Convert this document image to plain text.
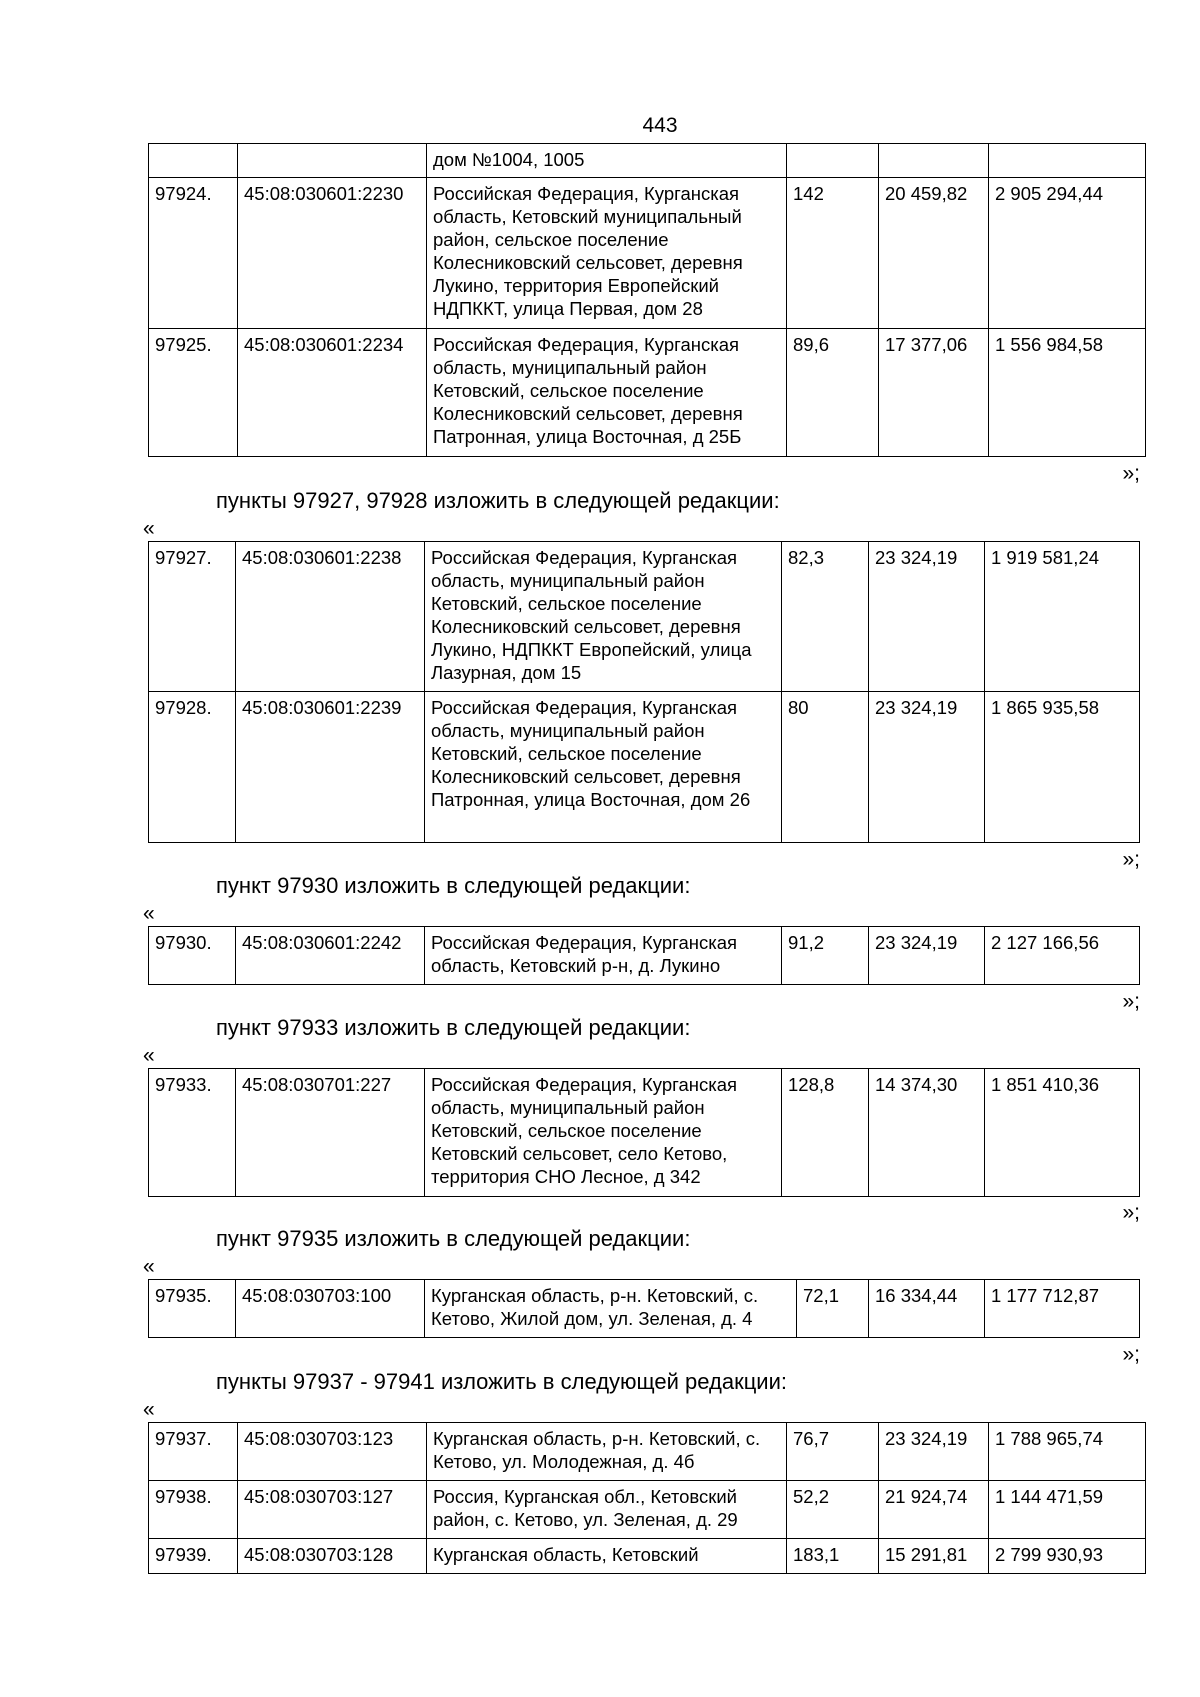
443
		дом №1004, 1005			
97924.	45:08:030601:2230	Российская Федерация, Курганская область, Кетовский муниципальный район, сельское поселение Колесниковский сельсовет, деревня Лукино, территория Европейский НДПККТ, улица Первая, дом 28	142	20 459,82	2 905 294,44
97925.	45:08:030601:2234	Российская Федерация, Курганская область, муниципальный район Кетовский, сельское поселение Колесниковский сельсовет, деревня Патронная, улица Восточная, д 25Б	89,6	17 377,06	1 556 984,58
»;
пункты 97927, 97928 изложить в следующей редакции:
«
97927.	45:08:030601:2238	Российская Федерация, Курганская область, муниципальный район Кетовский, сельское поселение Колесниковский сельсовет, деревня Лукино, НДПККТ Европейский, улица Лазурная, дом 15	82,3	23 324,19	1 919 581,24
97928.	45:08:030601:2239	Российская Федерация, Курганская область, муниципальный район Кетовский, сельское поселение Колесниковский сельсовет, деревня Патронная, улица Восточная, дом 26	80	23 324,19	1 865 935,58
»;
пункт 97930 изложить в следующей редакции:
«
97930.	45:08:030601:2242	Российская Федерация, Курганская область, Кетовский р-н, д. Лукино	91,2	23 324,19	2 127 166,56
»;
пункт 97933 изложить в следующей редакции:
«
97933.	45:08:030701:227	Российская Федерация, Курганская область, муниципальный район Кетовский, сельское поселение Кетовский сельсовет, село Кетово, территория СНО Лесное, д 342	128,8	14 374,30	1 851 410,36
»;
пункт 97935 изложить в следующей редакции:
«
97935.	45:08:030703:100	Курганская область, р-н. Кетовский, с. Кетово, Жилой дом, ул. Зеленая, д. 4	72,1	16 334,44	1 177 712,87
»;
пункты 97937 - 97941 изложить в следующей редакции:
«
97937.	45:08:030703:123	Курганская область, р-н. Кетовский, с. Кетово, ул. Молодежная, д. 4б	76,7	23 324,19	1 788 965,74
97938.	45:08:030703:127	Россия, Курганская обл., Кетовский район, с. Кетово, ул. Зеленая, д. 29	52,2	21 924,74	1 144 471,59
97939.	45:08:030703:128	Курганская область, Кетовский	183,1	15 291,81	2 799 930,93
